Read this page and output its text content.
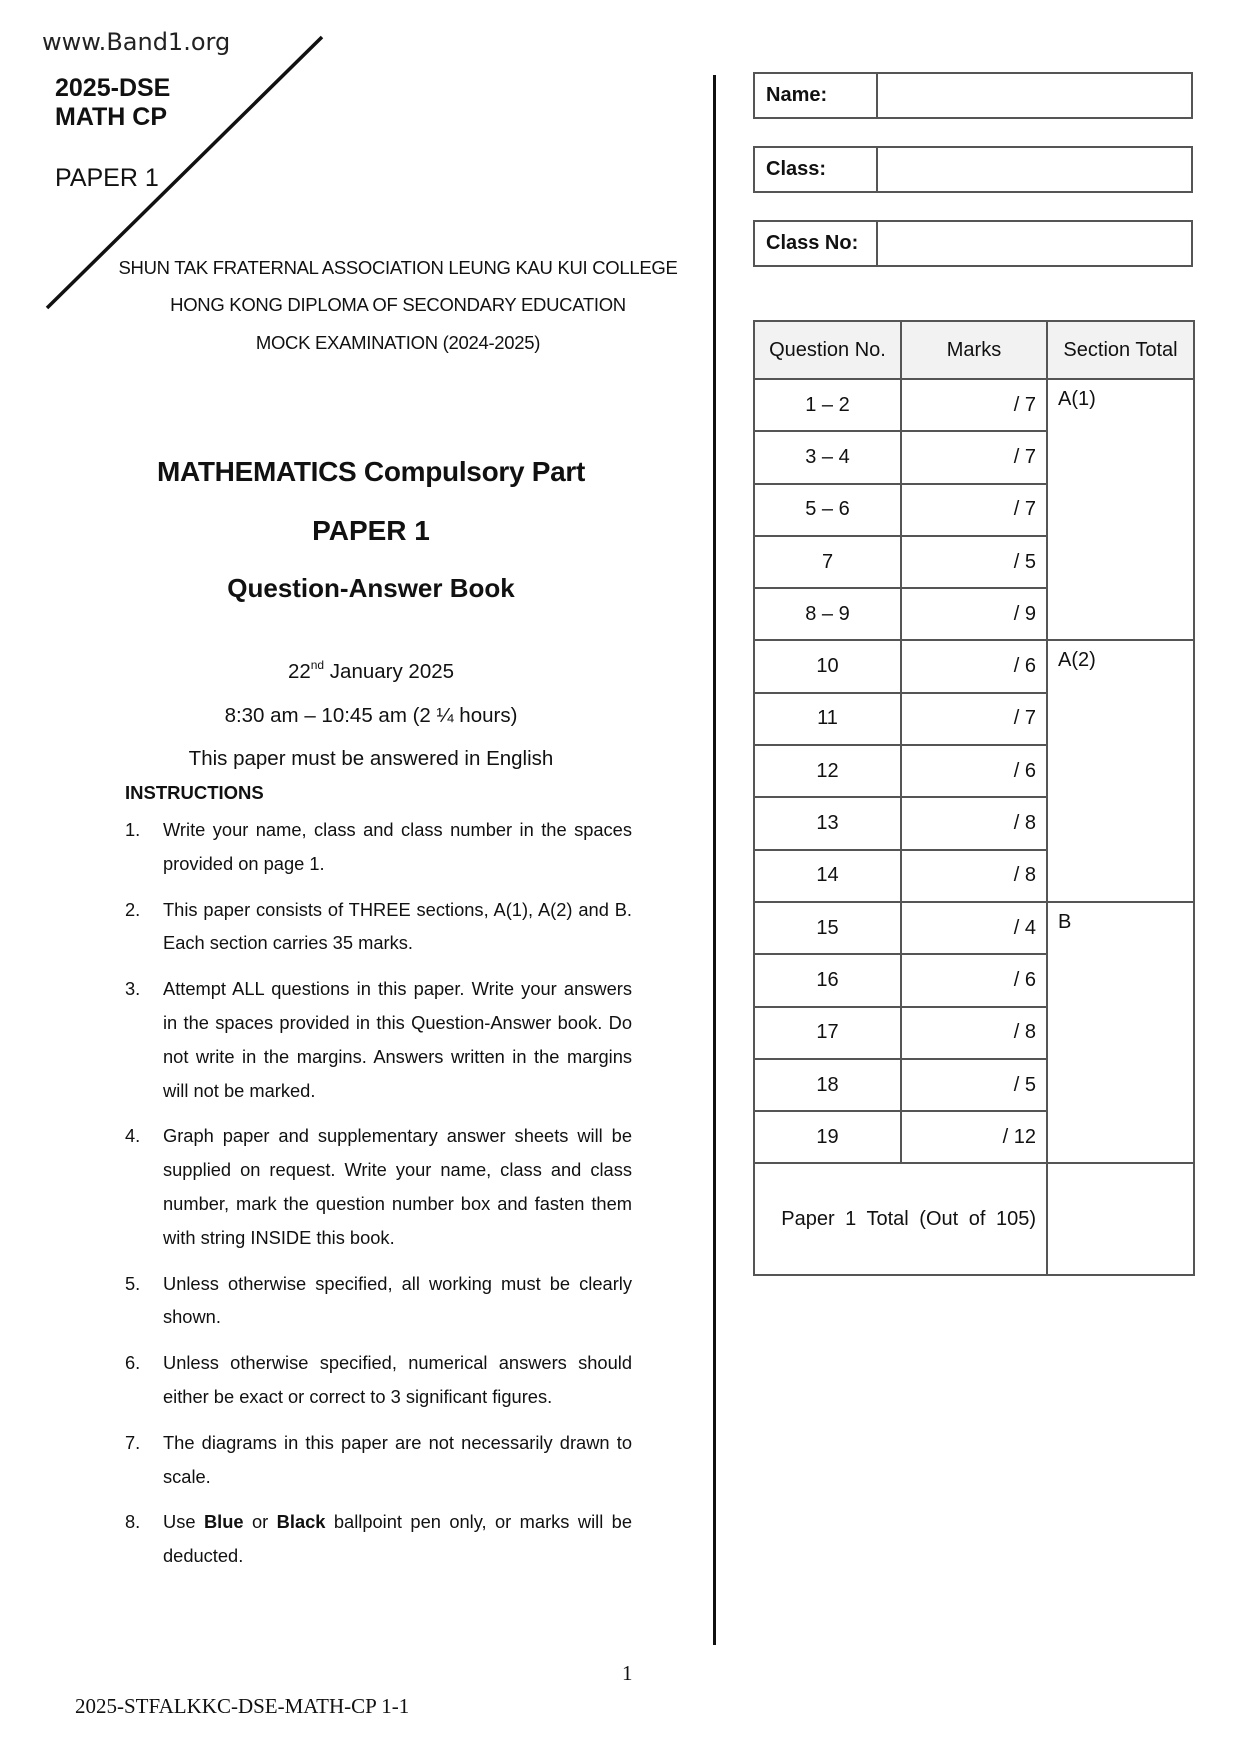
www.Band1.org
2025-DSE
MATH CP
PAPER 1
SHUN TAK FRATERNAL ASSOCIATION LEUNG KAU KUI COLLEGE
HONG KONG DIPLOMA OF SECONDARY EDUCATION
MOCK EXAMINATION (2024-2025)
MATHEMATICS Compulsory Part
PAPER 1
Question-Answer Book
22nd January 2025
8:30 am – 10:45 am (2 ¼ hours)
This paper must be answered in English
INSTRUCTIONS
1. Write your name, class and class number in the spaces provided on page 1.
2. This paper consists of THREE sections, A(1), A(2) and B. Each section carries 35 marks.
3. Attempt ALL questions in this paper. Write your answers in the spaces provided in this Question-Answer book. Do not write in the margins. Answers written in the margins will not be marked.
4. Graph paper and supplementary answer sheets will be supplied on request. Write your name, class and class number, mark the question number box and fasten them with string INSIDE this book.
5. Unless otherwise specified, all working must be clearly shown.
6. Unless otherwise specified, numerical answers should either be exact or correct to 3 significant figures.
7. The diagrams in this paper are not necessarily drawn to scale.
8. Use Blue or Black ballpoint pen only, or marks will be deducted.
Name:
Class:
Class No:
Question No.	Marks	Section Total
1 – 2	/ 7	A(1)
3 – 4	/ 7	
5 – 6	/ 7	
7	/ 5	
8 – 9	/ 9	
10	/ 6	A(2)
11	/ 7	
12	/ 6	
13	/ 8	
14	/ 8	
15	/ 4	B
16	/ 6	
17	/ 8	
18	/ 5	
19	/ 12	
Paper 1 Total (Out of 105)		
1
2025-STFALKKC-DSE-MATH-CP 1-1
